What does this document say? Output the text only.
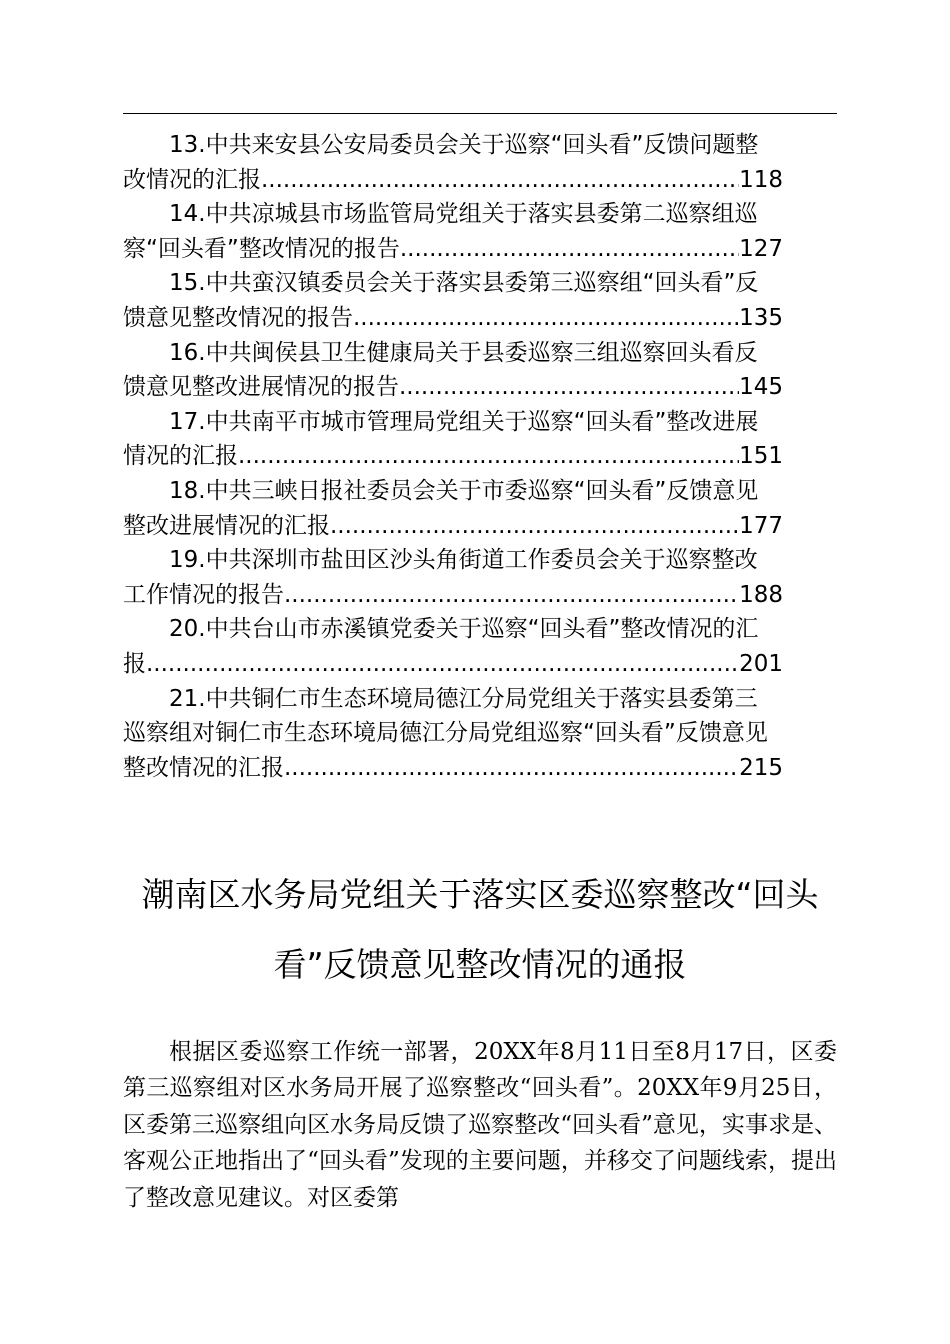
13.中共来安县公安局委员会关于巡察“回头看”反馈问题整
改情况的汇报 .....	118
14.中共凉城县市场监管局党组关于落实县委第二巡察组巡
察“回头看”整改情况的报告 .....	127
15.中共蛮汉镇委员会关于落实县委第三巡察组“回头看”反
馈意见整改情况的报告 .....	135
16.中共闽侯县卫生健康局关于县委巡察三组巡察回头看反
馈意见整改进展情况的报告 .....	145
17.中共南平市城市管理局党组关于巡察“回头看”整改进展
情况的汇报 .....	151
18.中共三峡日报社委员会关于市委巡察“回头看”反馈意见
整改进展情况的汇报 .....	177
19.中共深圳市盐田区沙头角街道工作委员会关于巡察整改
工作情况的报告 .....	188
20.中共台山市赤溪镇党委关于巡察“回头看”整改情况的汇
报 .....	201
21.中共铜仁市生态环境局德江分局党组关于落实县委第三
巡察组对铜仁市生态环境局德江分局党组巡察“回头看”反馈意见
整改情况的汇报 .....	215
潮南区水务局党组关于落实区委巡察整改“回头看”反馈意见整改情况的通报
根据区委巡察工作统一部署，20XX年8月11日至8月17日，区委第三巡察组对区水务局开展了巡察整改“回头看”。20XX年9月25日，区委第三巡察组向区水务局反馈了巡察整改“回头看”意见，实事求是、客观公正地指出了“回头看”发现的主要问题，并移交了问题线索，提出了整改意见建议。对区委第
